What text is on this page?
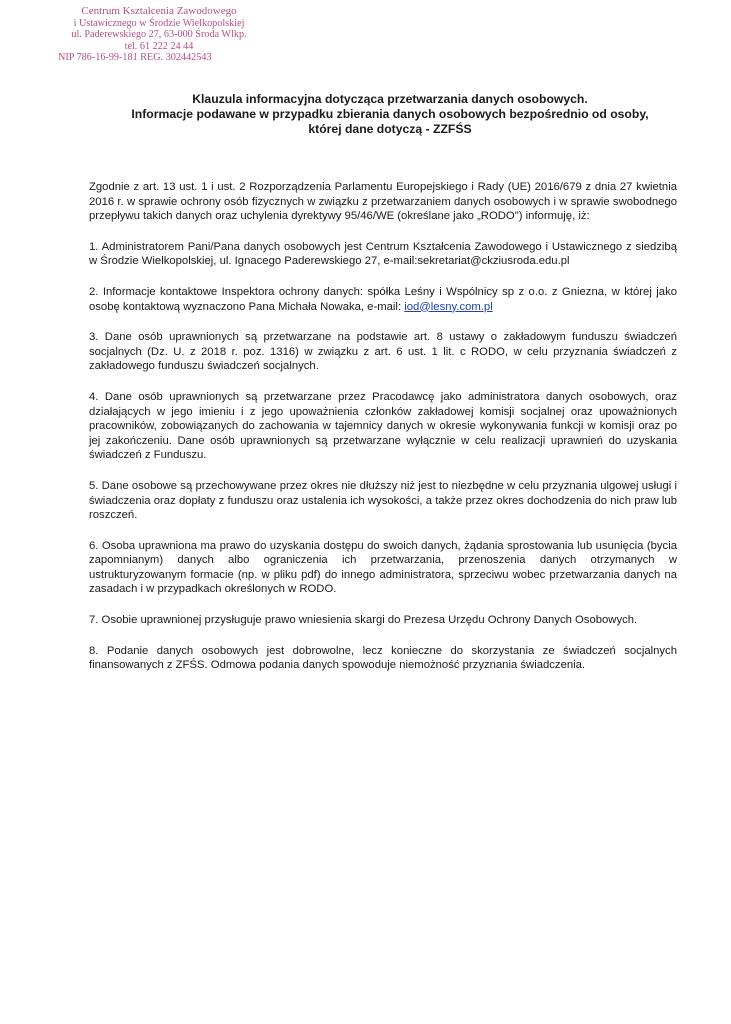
Centrum Kształcenia Zawodowego
i Ustawicznego w Środzie Wielkopolskiej
ul. Paderewskiego 27, 63-000 Środa Wlkp.
tel. 61 222 24 44
NIP 786-16-99-181 REG. 302442543
Klauzula informacyjna dotycząca przetwarzania danych osobowych.
Informacje podawane w przypadku zbierania danych osobowych bezpośrednio od osoby,
której dane dotyczą - ZZFŚS

Zgodnie z art. 13 ust. 1 i ust. 2 Rozporządzenia Parlamentu Europejskiego i Rady (UE) 2016/679 z dnia 27 kwietnia 2016 r. w sprawie ochrony osób fizycznych w związku z przetwarzaniem danych osobowych i w sprawie swobodnego przepływu takich danych oraz uchylenia dyrektywy 95/46/WE (określane jako „RODO") informuję, iż:

1. Administratorem Pani/Pana danych osobowych jest Centrum Kształcenia Zawodowego i Ustawicznego z siedzibą w Środzie Wielkopolskiej, ul. Ignacego Paderewskiego 27, e-mail:sekretariat@ckziusroda.edu.pl

2. Informacje kontaktowe Inspektora ochrony danych: spółka Leśny i Wspólnicy sp z o.o. z Gniezna, w której jako osobę kontaktową wyznaczono Pana Michała Nowaka, e-mail: iod@lesny.com.pl

3. Dane osób uprawnionych są przetwarzane na podstawie art. 8 ustawy o zakładowym funduszu świadczeń socjalnych (Dz. U. z 2018 r. poz. 1316) w związku z art. 6 ust. 1 lit. c RODO, w celu przyznania świadczeń z zakładowego funduszu świadczeń socjalnych.

4. Dane osób uprawnionych są przetwarzane przez Pracodawcę jako administratora danych osobowych, oraz działających w jego imieniu i z jego upoważnienia członków zakładowej komisji socjalnej oraz upoważnionych pracowników, zobowiązanych do zachowania w tajemnicy danych w okresie wykonywania funkcji w komisji oraz po jej zakończeniu. Dane osób uprawnionych są przetwarzane wyłącznie w celu realizacji uprawnień do uzyskania świadczeń z Funduszu.

5. Dane osobowe są przechowywane przez okres nie dłuższy niż jest to niezbędne w celu przyznania ulgowej usługi i świadczenia oraz dopłaty z funduszu oraz ustalenia ich wysokości, a także przez okres dochodzenia do nich praw lub roszczeń.

6. Osoba uprawniona ma prawo do uzyskania dostępu do swoich danych, żądania sprostowania lub usunięcia (bycia zapomnianym) danych albo ograniczenia ich przetwarzania, przenoszenia danych otrzymanych w ustrukturyzowanym formacie (np. w pliku pdf) do innego administratora, sprzeciwu wobec przetwarzania danych na zasadach i w przypadkach określonych w RODO.

7. Osobie uprawnionej przysługuje prawo wniesienia skargi do Prezesa Urzędu Ochrony Danych Osobowych.

8. Podanie danych osobowych jest dobrowolne, lecz konieczne do skorzystania ze świadczeń socjalnych finansowanych z ZFŚS. Odmowa podania danych spowoduje niemożność przyznania świadczenia.
